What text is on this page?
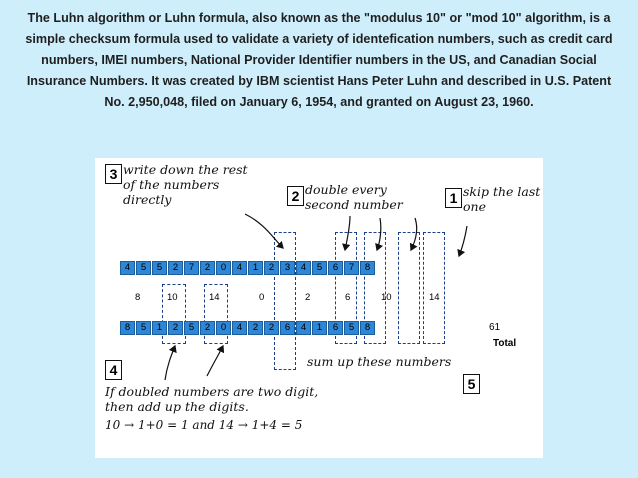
The Luhn algorithm or Luhn formula, also known as the "modulus 10" or "mod 10" algorithm, is a simple checksum formula used to validate a variety of identefication numbers, such as credit card numbers, IMEI numbers, National Provider Identifier numbers in the US, and Canadian Social Insurance Numbers. It was created by IBM scientist Hans Peter Luhn and described in U.S. Patent No. 2,950,048, filed on January 6, 1954, and granted on August 23, 1960.
3 write down the rest of the numbers directly	2 double every second number	1 skip the last one
4	5	5	2	7	2	0	4	1	2	3	4	5	6	7	8
8	10	14	0	2	6	10	14
8	5	1	2	5	2	0	4	2	2	6	4	1	6	5	8	61
Total
sum up these numbers
5
4
If doubled numbers are two digit, then add up the digits.
10 → 1+0 = 1 and 14 → 1+4 = 5
